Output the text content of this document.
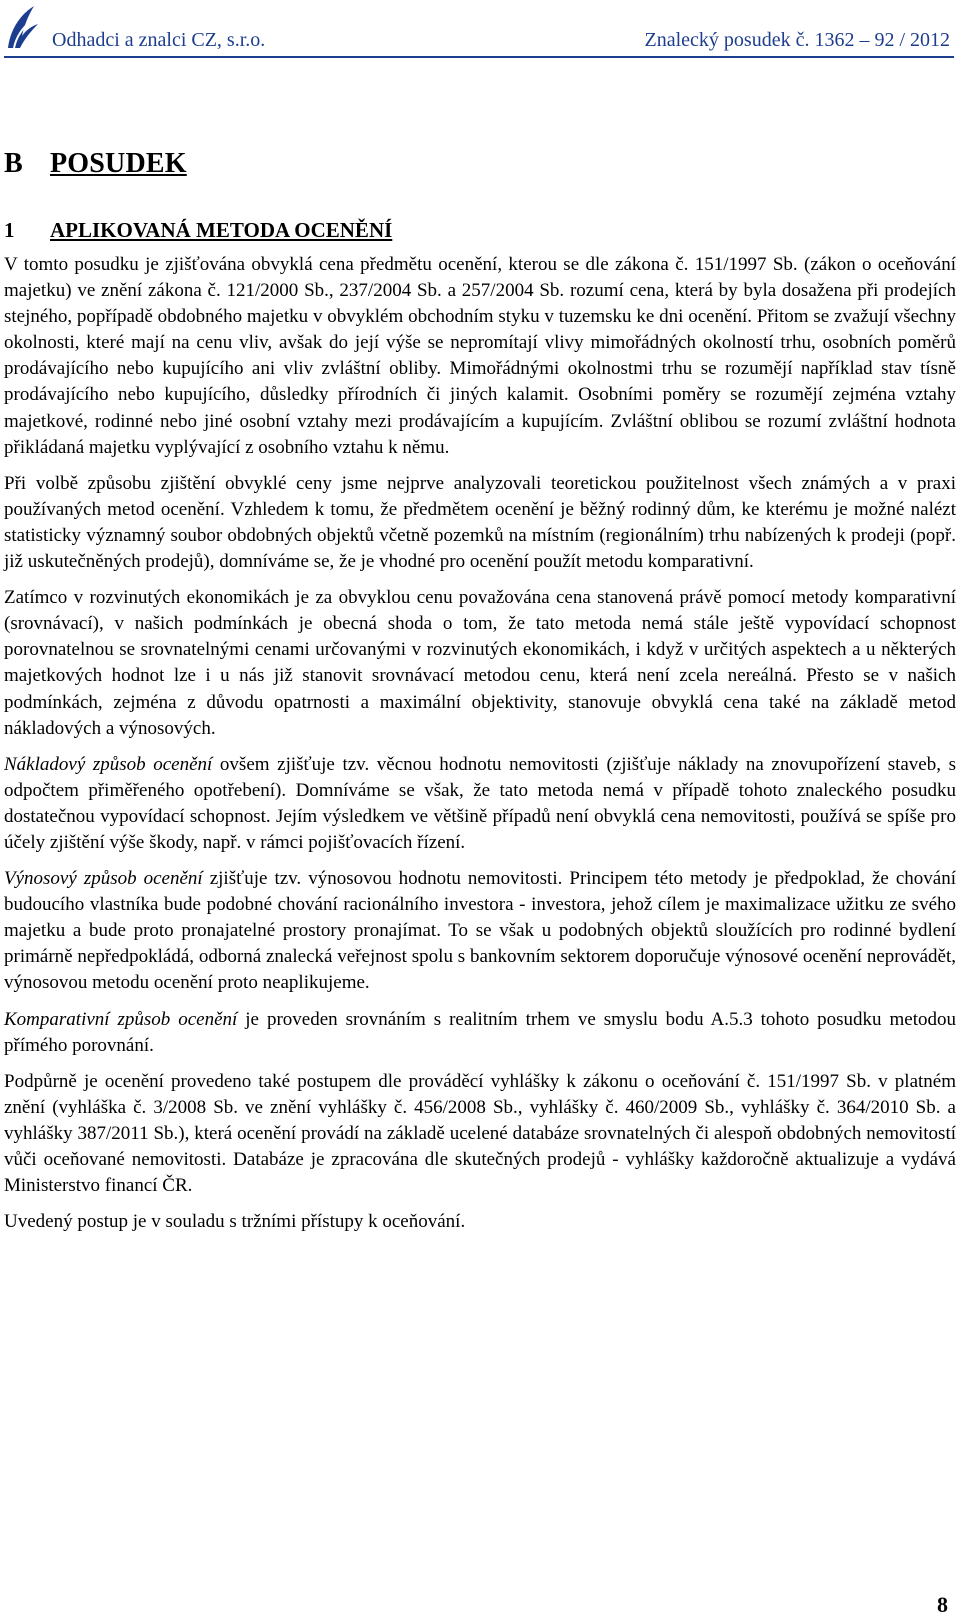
Odhadci a znalci CZ, s.r.o.	Znalecký posudek č. 1362 – 92 / 2012
B POSUDEK
1	APLIKOVANÁ METODA OCENĚNÍ

V tomto posudku je zjišťována obvyklá cena předmětu ocenění, kterou se dle zákona č. 151/1997 Sb. (zákon o oceňování majetku) ve znění zákona č. 121/2000 Sb., 237/2004 Sb. a 257/2004 Sb. rozumí cena, která by byla dosažena při prodejích stejného, popřípadě obdobného majetku v obvyklém obchodním styku v tuzemsku ke dni ocenění. Přitom se zvažují všechny okolnosti, které mají na cenu vliv, avšak do její výše se nepromítají vlivy mimořádných okolností trhu, osobních poměrů prodávajícího nebo kupujícího ani vliv zvláštní obliby. Mimořádnými okolnostmi trhu se rozumějí například stav tísně prodávajícího nebo kupujícího, důsledky přírodních či jiných kalamit. Osobními poměry se rozumějí zejména vztahy majetkové, rodinné nebo jiné osobní vztahy mezi prodávajícím a kupujícím. Zvláštní oblibou se rozumí zvláštní hodnota přikládaná majetku vyplývající z osobního vztahu k němu.

Při volbě způsobu zjištění obvyklé ceny jsme nejprve analyzovali teoretickou použitelnost všech známých a v praxi používaných metod ocenění. Vzhledem k tomu, že předmětem ocenění je běžný rodinný dům, ke kterému je možné nalézt statisticky významný soubor obdobných objektů včetně pozemků na místním (regionálním) trhu nabízených k prodeji (popř. již uskutečněných prodejů), domníváme se, že je vhodné pro ocenění použít metodu komparativní.

Zatímco v rozvinutých ekonomikách je za obvyklou cenu považována cena stanovená právě pomocí metody komparativní (srovnávací), v našich podmínkách je obecná shoda o tom, že tato metoda nemá stále ještě vypovídací schopnost porovnatelnou se srovnatelnými cenami určovanými v rozvinutých ekonomikách, i když v určitých aspektech a u některých majetkových hodnot lze i u nás již stanovit srovnávací metodou cenu, která není zcela nereálná. Přesto se v našich podmínkách, zejména z důvodu opatrnosti a maximální objektivity, stanovuje obvyklá cena také na základě metod nákladových a výnosových.

Nákladový způsob ocenění ovšem zjišťuje tzv. věcnou hodnotu nemovitosti (zjišťuje náklady na znovupořízení staveb, s odpočtem přiměřeného opotřebení). Domníváme se však, že tato metoda nemá v případě tohoto znaleckého posudku dostatečnou vypovídací schopnost. Jejím výsledkem ve většině případů není obvyklá cena nemovitosti, používá se spíše pro účely zjištění výše škody, např. v rámci pojišťovacích řízení.

Výnosový způsob ocenění zjišťuje tzv. výnosovou hodnotu nemovitosti. Principem této metody je předpoklad, že chování budoucího vlastníka bude podobné chování racionálního investora - investora, jehož cílem je maximalizace užitku ze svého majetku a bude proto pronajatelné prostory pronajímat. To se však u podobných objektů sloužících pro rodinné bydlení primárně nepředpokládá, odborná znalecká veřejnost spolu s bankovním sektorem doporučuje výnosové ocenění neprovádět, výnosovou metodu ocenění proto neaplikujeme.

Komparativní způsob ocenění je proveden srovnáním s realitním trhem ve smyslu bodu A.5.3 tohoto posudku metodou přímého porovnání.

Podpůrně je ocenění provedeno také postupem dle prováděcí vyhlášky k zákonu o oceňování č. 151/1997 Sb. v platném znění (vyhláška č. 3/2008 Sb. ve znění vyhlášky č. 456/2008 Sb., vyhlášky č. 460/2009 Sb., vyhlášky č. 364/2010 Sb. a vyhlášky 387/2011 Sb.), která ocenění provádí na základě ucelené databáze srovnatelných či alespoň obdobných nemovitostí vůči oceňované nemovitosti. Databáze je zpracována dle skutečných prodejů - vyhlášky každoročně aktualizuje a vydává Ministerstvo financí ČR.

Uvedený postup je v souladu s tržními přístupy k oceňování.

8
